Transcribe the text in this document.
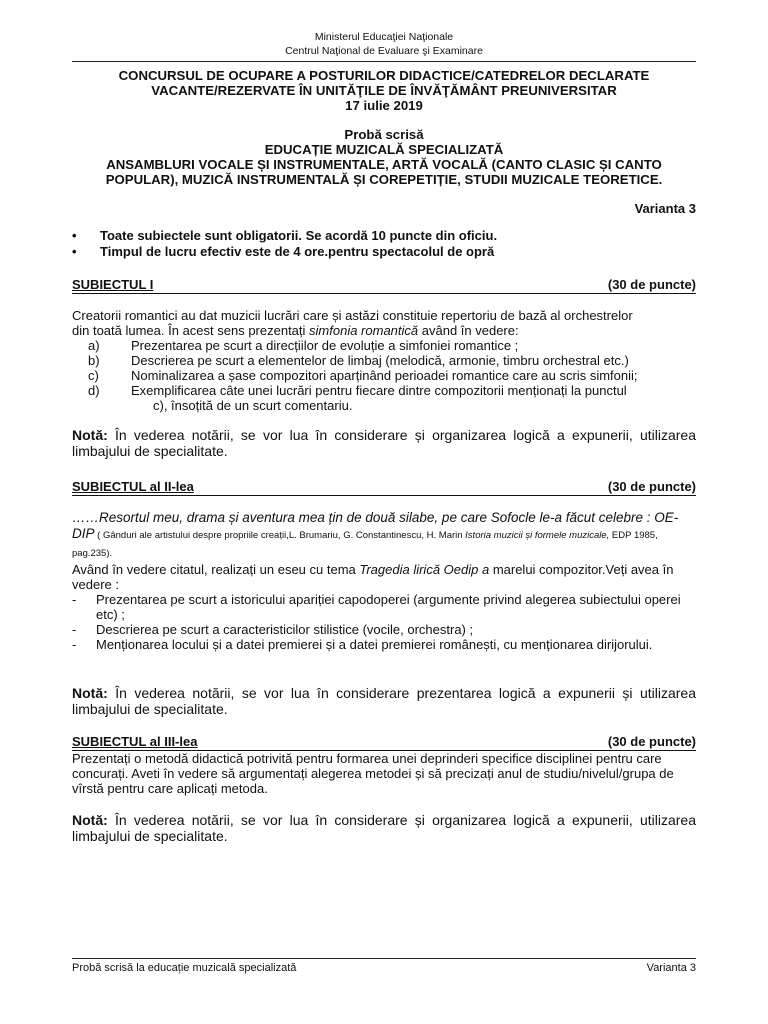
Ministerul Educaţiei Naţionale
Centrul Naţional de Evaluare şi Examinare
CONCURSUL DE OCUPARE A POSTURILOR DIDACTICE/CATEDRELOR DECLARATE
VACANTE/REZERVATE ÎN UNITĂŢILE DE ÎNVĂŢĂMÂNT PREUNIVERSITAR
17 iulie 2019
Probă scrisă
EDUCAȚIE MUZICALĂ SPECIALIZATĂ
ANSAMBLURI VOCALE ȘI INSTRUMENTALE, ARTĂ VOCALĂ (CANTO CLASIC ȘI CANTO
POPULAR), MUZICĂ INSTRUMENTALĂ ȘI COREPETIȚIE, STUDII MUZICALE TEORETICE.
Varianta 3
• Toate subiectele sunt obligatorii. Se acordă 10 puncte din oficiu.
• Timpul de lucru efectiv este de 4 ore.pentru spectacolul de opră
SUBIECTUL I	(30 de puncte)
Creatorii romantici au dat muzicii lucrări care și astăzi constituie repertoriu de bază al orchestrelor
din toată lumea. În acest sens prezentați simfonia romantică având în vedere:
a) Prezentarea pe scurt a direcțiilor de evoluție a simfoniei romantice ;
b) Descrierea pe scurt a elementelor de limbaj (melodică, armonie, timbru orchestral etc.)
c) Nominalizarea a șase compozitori aparținând perioadei romantice care au scris simfonii;
d) Exemplificarea câte unei lucrări pentru fiecare dintre compozitorii menționați la punctul
c), însoțită de un scurt comentariu.
Notă: În vederea notării, se vor lua în considerare și organizarea logică a expunerii, utilizarea limbajului de specialitate.
SUBIECTUL al II-lea	(30 de puncte)
……Resortul meu, drama și aventura mea țin de două silabe, pe care Sofocle le-a făcut celebre : OE-DIP ( Gânduri ale artistului despre propriile creații,L. Brumariu, G. Constantinescu, H. Marin Istoria muzicii și formele muzicale, EDP 1985, pag.235).
Având în vedere citatul, realizați un eseu cu tema Tragedia lirică Oedip a marelui compozitor.Veți avea în vedere :
- Prezentarea pe scurt a istoricului apariției capodoperei (argumente privind alegerea subiectului operei etc) ;
- Descrierea pe scurt a caracteristicilor stilistice (vocile, orchestra) ;
- Menționarea locului și a datei premierei și a datei premierei românești, cu menționarea dirijorului.
Notă: În vederea notării, se vor lua în considerare prezentarea logică a expunerii și utilizarea limbajului de specialitate.
SUBIECTUL al III-lea	(30 de puncte)
Prezentați o metodă didactică potrivită pentru formarea unei deprinderi specifice disciplinei pentru care concurați. Aveti în vedere să argumentați alegerea metodei și să precizați anul de studiu/nivelul/grupa de vîrstă pentru care aplicați metoda.
Notă: În vederea notării, se vor lua în considerare și organizarea logică a expunerii, utilizarea limbajului de specialitate.
Probă scrisă la educație muzicală specializată	Varianta 3
